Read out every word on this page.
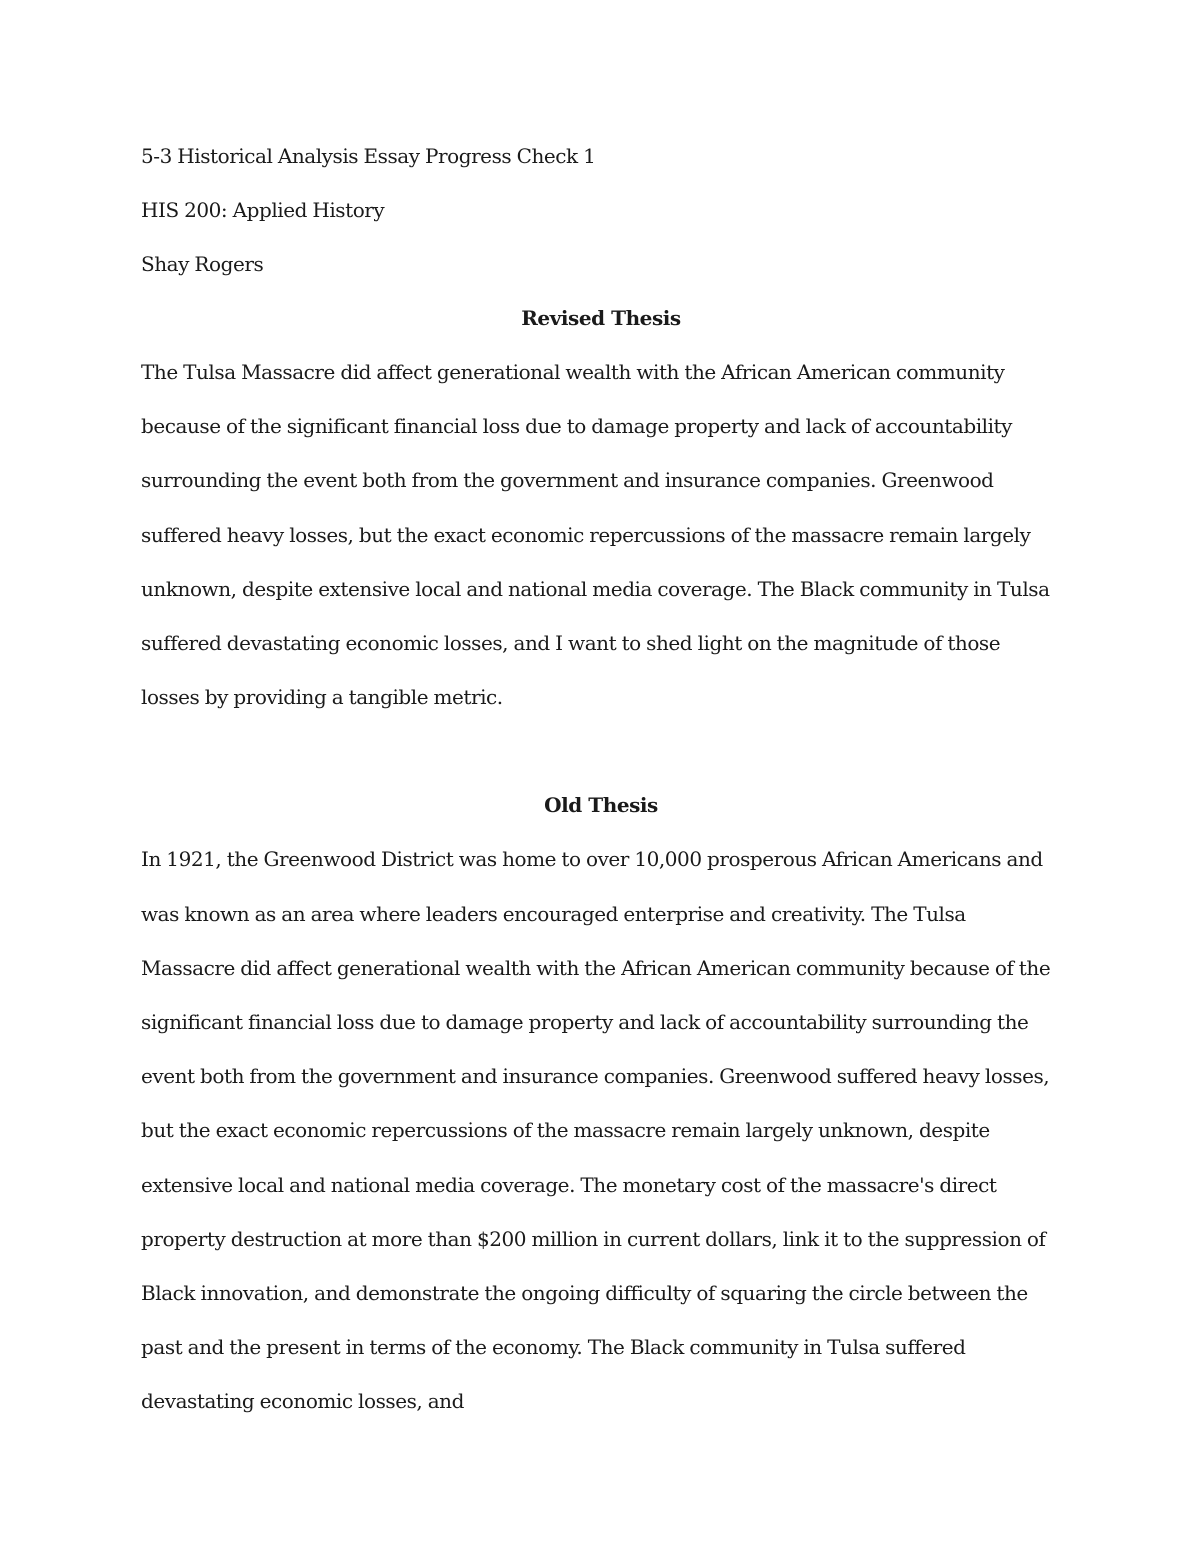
5-3 Historical Analysis Essay Progress Check 1
HIS 200: Applied History
Shay Rogers
Revised Thesis

The Tulsa Massacre did affect generational wealth with the African American community because of the significant financial loss due to damage property and lack of accountability surrounding the event both from the government and insurance companies. Greenwood suffered heavy losses, but the exact economic repercussions of the massacre remain largely unknown, despite extensive local and national media coverage. The Black community in Tulsa suffered devastating economic losses, and I want to shed light on the magnitude of those losses by providing a tangible metric.

Old Thesis

In 1921, the Greenwood District was home to over 10,000 prosperous African Americans and was known as an area where leaders encouraged enterprise and creativity. The Tulsa Massacre did affect generational wealth with the African American community because of the significant financial loss due to damage property and lack of accountability surrounding the event both from the government and insurance companies. Greenwood suffered heavy losses, but the exact economic repercussions of the massacre remain largely unknown, despite extensive local and national media coverage. The monetary cost of the massacre's direct property destruction at more than $200 million in current dollars, link it to the suppression of Black innovation, and demonstrate the ongoing difficulty of squaring the circle between the past and the present in terms of the economy. The Black community in Tulsa suffered devastating economic losses, and
